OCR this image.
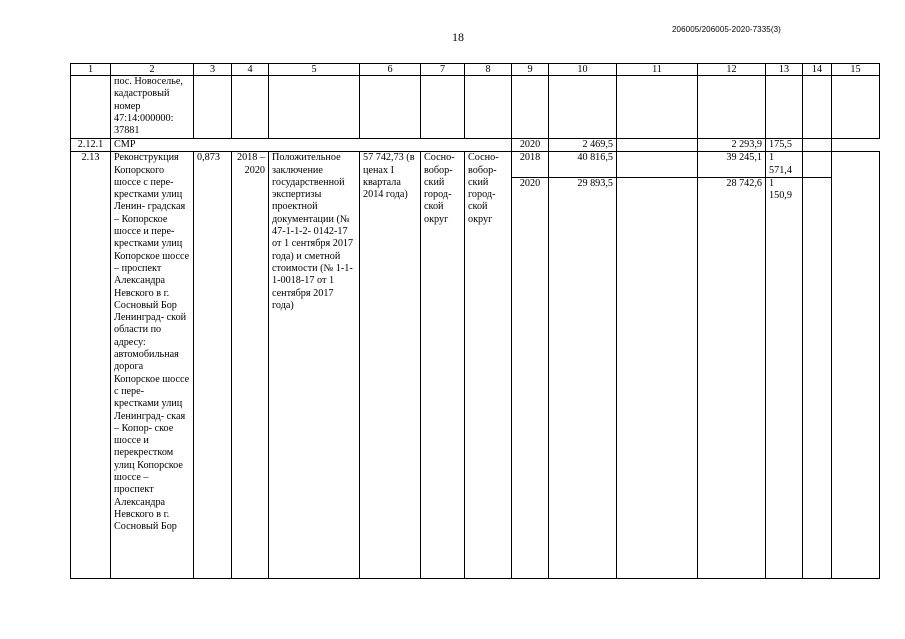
206005/206005-2020-7335(3)
18
1	2	3	4	5	6	7	8	9	10	11	12	13	14	15
	пос. Новоселье, кадастровый номер 47:14:000000: 37881													
2.12.1	СМР							2020	2 469,5		2 293,9	175,5		
2.13	Реконструкция Копорского шоссе с пере- крестками улиц Ленин- градская – Копорское шоссе и пере- крестками улиц Копорское шоссе – проспект Александра Невского в г. Сосновый Бор Ленинград- ской области по адресу: автомобильная дорога Копорское шоссе с пере- крестками улиц Ленинград- ская – Копор- ское шоссе и перекрестком улиц Копорское шоссе – проспект Александра Невского в г. Сосновый Бор	0,873	2018 – 2020	Положительное заключение государственной экспертизы проектной документации (№ 47-1-1-2- 0142-17 от 1 сентября 2017 года) и сметной стоимости (№ 1-1-1-0018-17 от 1 сентября 2017 года)	57 742,73 (в ценах I квартала 2014 года)	Сосно- вобор- ский город- ской округ	Сосно- вобор- ский город- ской округ	2018	40 816,5		39 245,1	1 571,4		
								2020	29 893,5		28 742,6	1 150,9		
